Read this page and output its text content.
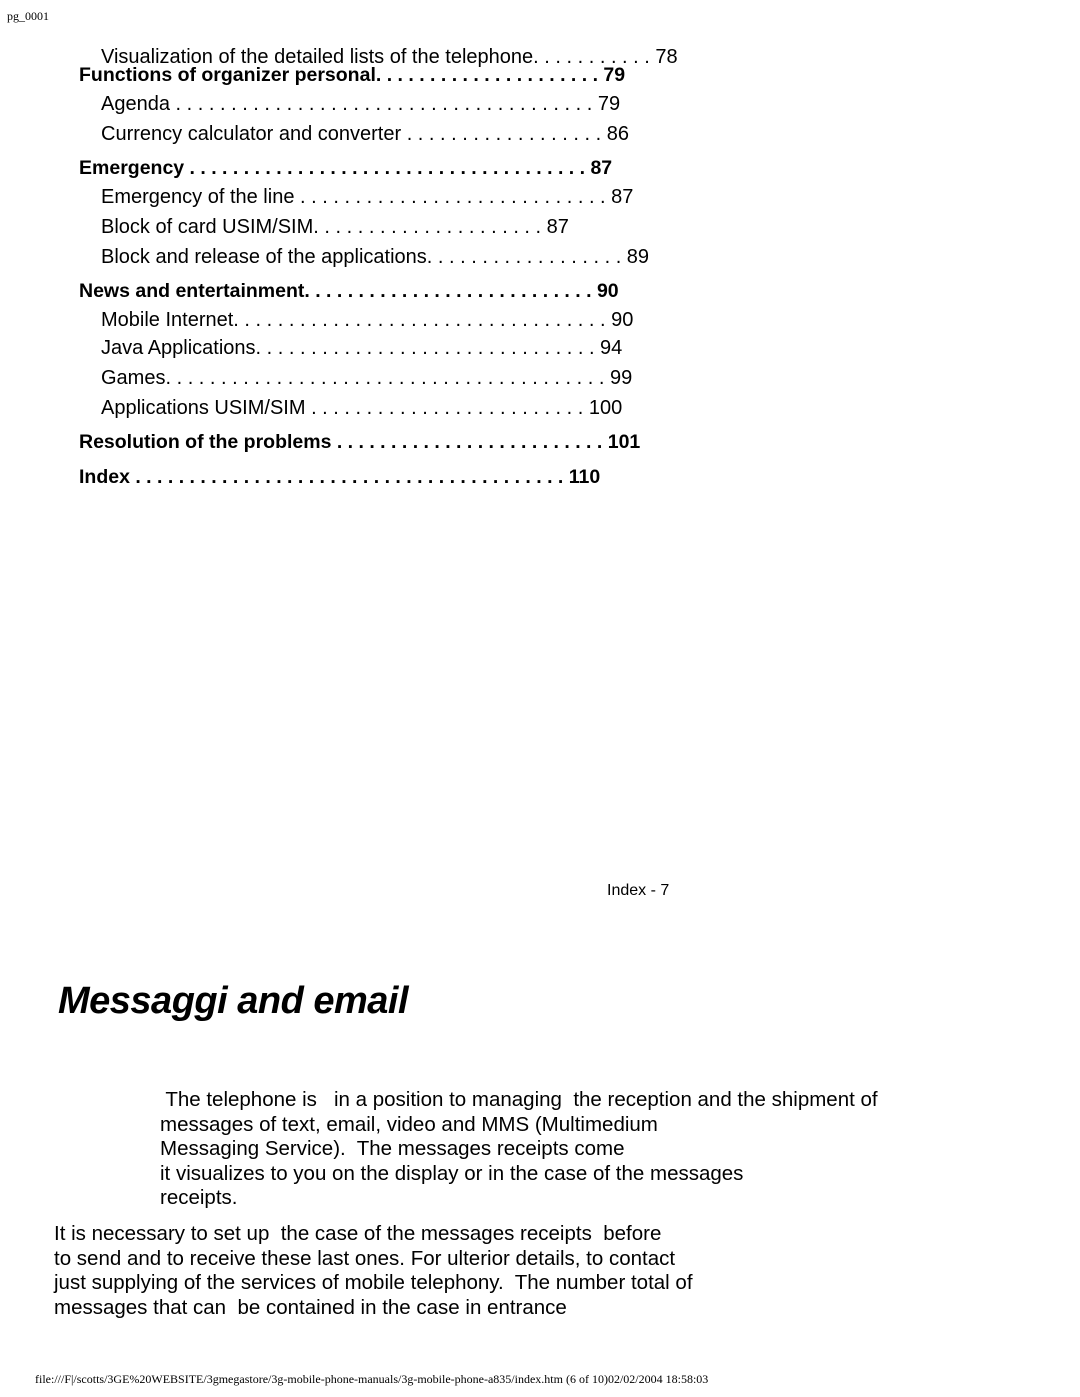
pg_0001
Visualization of the detailed lists of the telephone. . . . . . . . . . . 78
Functions of organizer personal. . . . . . . . . . . . . . . . . . . . . 79
Agenda . . . . . . . . . . . . . . . . . . . . . . . . . . . . . . . . . . . . . . 79
Currency calculator and converter . . . . . . . . . . . . . . . . . . 86
Emergency . . . . . . . . . . . . . . . . . . . . . . . . . . . . . . . . . . . . . 87
Emergency of the line . . . . . . . . . . . . . . . . . . . . . . . . . . . . 87
Block of card USIM/SIM. . . . . . . . . . . . . . . . . . . . . 87
Block and release of the applications. . . . . . . . . . . . . . . . . . 89
News and entertainment. . . . . . . . . . . . . . . . . . . . . . . . . . . 90
Mobile Internet. . . . . . . . . . . . . . . . . . . . . . . . . . . . . . . . . . 90
Java Applications. . . . . . . . . . . . . . . . . . . . . . . . . . . . . . . 94
Games. . . . . . . . . . . . . . . . . . . . . . . . . . . . . . . . . . . . . . . . 99
Applications USIM/SIM . . . . . . . . . . . . . . . . . . . . . . . . . 100
Resolution of the problems . . . . . . . . . . . . . . . . . . . . . . . . . 101
Index . . . . . . . . . . . . . . . . . . . . . . . . . . . . . . . . . . . . . . . . 110
Index - 7
Messaggi and email
The telephone is   in a position to managing  the reception and the shipment of
messages of text, email, video and MMS (Multimedium
Messaging Service).  The messages receipts come
it visualizes to you on the display or in the case of the messages
receipts.
It is necessary to set up  the case of the messages receipts  before
to send and to receive these last ones. For ulterior details, to contact
just supplying of the services of mobile telephony.  The number total of
messages that can  be contained in the case in entrance
file:///F|/scotts/3GE%20WEBSITE/3gmegastore/3g-mobile-phone-manuals/3g-mobile-phone-a835/index.htm (6 of 10)02/02/2004 18:58:03
